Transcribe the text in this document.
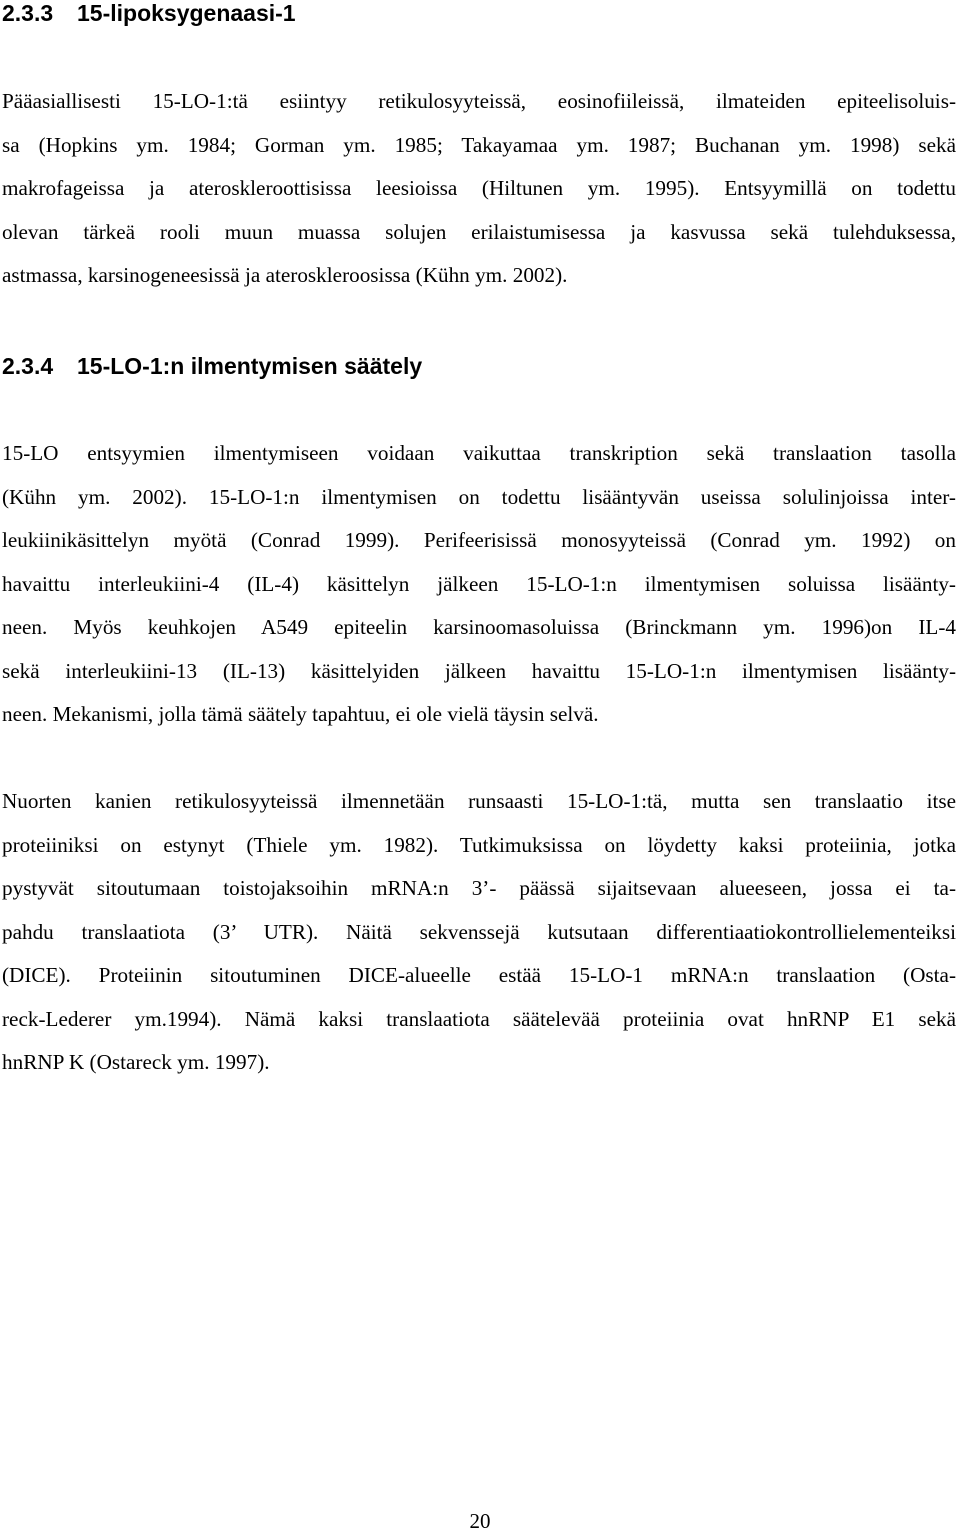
2.3.3 15-lipoksygenaasi-1

Pääasiallisesti 15-LO-1:tä esiintyy retikulosyyteissä, eosinofiileissä, ilmateiden epiteelisoluis-
sa (Hopkins ym. 1984; Gorman ym. 1985; Takayamaa ym. 1987; Buchanan ym. 1998) sekä
makrofageissa ja ateroskleroottisissa leesioissa (Hiltunen ym. 1995). Entsyymillä on todettu
olevan tärkeä rooli muun muassa solujen erilaistumisessa ja kasvussa sekä tulehduksessa,
astmassa, karsinogeneesissä ja ateroskleroosissa (Kühn ym. 2002).

2.3.4 15-LO-1:n ilmentymisen säätely

15-LO entsyymien ilmentymiseen voidaan vaikuttaa transkription sekä translaation tasolla
(Kühn ym. 2002). 15-LO-1:n ilmentymisen on todettu lisääntyvän useissa solulinjoissa inter-
leukiinikäsittelyn myötä (Conrad 1999). Perifeerisissä monosyyteissä (Conrad ym. 1992) on
havaittu interleukiini-4 (IL-4) käsittelyn jälkeen 15-LO-1:n ilmentymisen soluissa lisäänty-
neen. Myös keuhkojen A549 epiteelin karsinoomasoluissa (Brinckmann ym. 1996)on IL-4
sekä interleukiini-13 (IL-13) käsittelyiden jälkeen havaittu 15-LO-1:n ilmentymisen lisäänty-
neen. Mekanismi, jolla tämä säätely tapahtuu, ei ole vielä täysin selvä.

Nuorten kanien retikulosyyteissä ilmennetään runsaasti 15-LO-1:tä, mutta sen translaatio itse
proteiiniksi on estynyt (Thiele ym. 1982). Tutkimuksissa on löydetty kaksi proteiinia, jotka
pystyvät sitoutumaan toistojaksoihin mRNA:n 3’- päässä sijaitsevaan alueeseen, jossa ei ta-
pahdu translaatiota (3’ UTR). Näitä sekvenssejä kutsutaan differentiaatiokontrollielementeiksi
(DICE). Proteiinin sitoutuminen DICE-alueelle estää 15-LO-1 mRNA:n translaation (Osta-
reck-Lederer ym.1994). Nämä kaksi translaatiota säätelevää proteiinia ovat hnRNP E1 sekä
hnRNP K (Ostareck ym. 1997).

20
